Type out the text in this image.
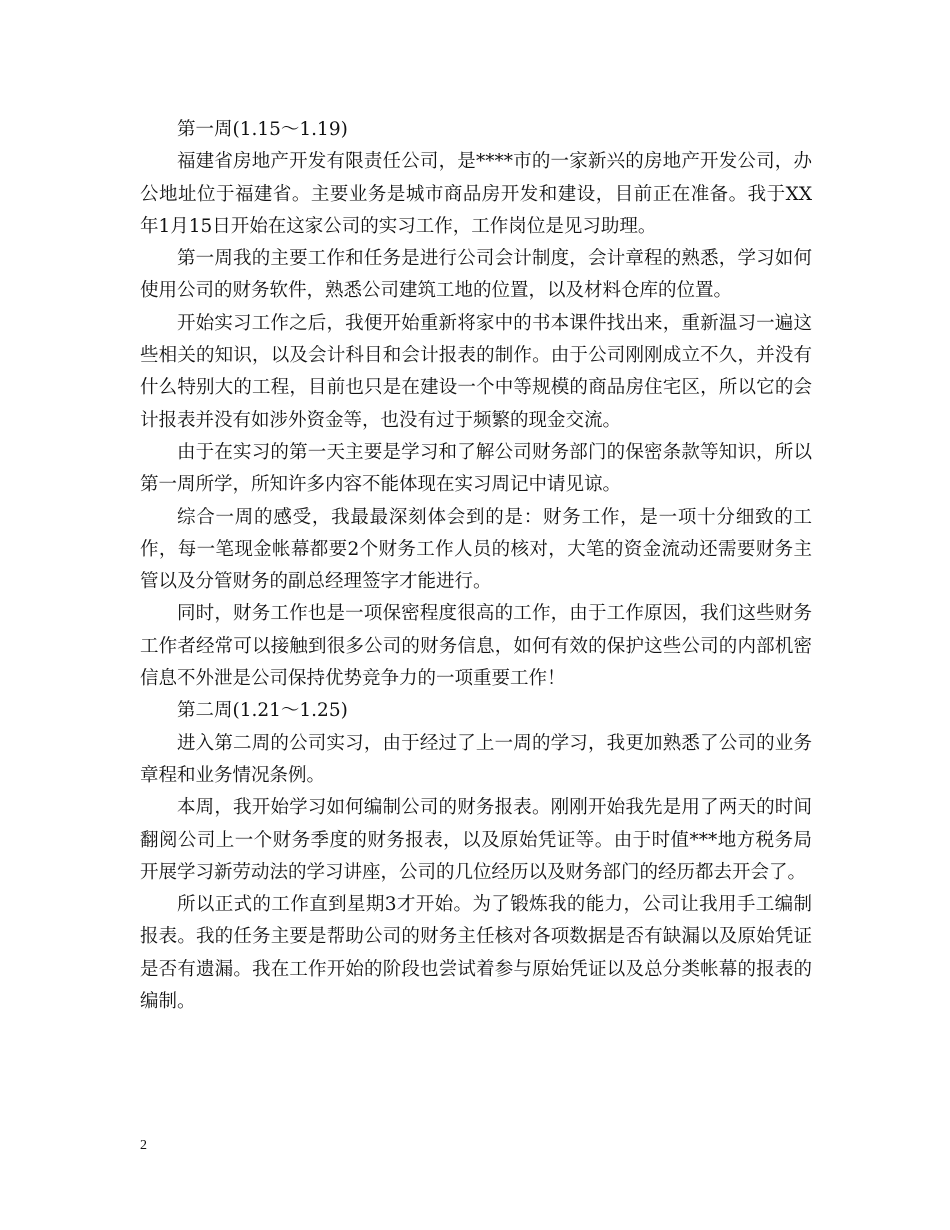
第一周(1.15～1.19)

福建省房地产开发有限责任公司，是****市的一家新兴的房地产开发公司，办公地址位于福建省。主要业务是城市商品房开发和建设，目前正在准备。我于XX年1月15日开始在这家公司的实习工作，工作岗位是见习助理。

第一周我的主要工作和任务是进行公司会计制度，会计章程的熟悉，学习如何使用公司的财务软件，熟悉公司建筑工地的位置，以及材料仓库的位置。

开始实习工作之后，我便开始重新将家中的书本课件找出来，重新温习一遍这些相关的知识，以及会计科目和会计报表的制作。由于公司刚刚成立不久，并没有什么特别大的工程，目前也只是在建设一个中等规模的商品房住宅区，所以它的会计报表并没有如涉外资金等，也没有过于频繁的现金交流。

由于在实习的第一天主要是学习和了解公司财务部门的保密条款等知识，所以第一周所学，所知许多内容不能体现在实习周记中请见谅。

综合一周的感受，我最最深刻体会到的是：财务工作，是一项十分细致的工作，每一笔现金帐幕都要2个财务工作人员的核对，大笔的资金流动还需要财务主管以及分管财务的副总经理签字才能进行。

同时，财务工作也是一项保密程度很高的工作，由于工作原因，我们这些财务工作者经常可以接触到很多公司的财务信息，如何有效的保护这些公司的内部机密信息不外泄是公司保持优势竞争力的一项重要工作！

第二周(1.21～1.25)

进入第二周的公司实习，由于经过了上一周的学习，我更加熟悉了公司的业务章程和业务情况条例。

本周，我开始学习如何编制公司的财务报表。刚刚开始我先是用了两天的时间翻阅公司上一个财务季度的财务报表，以及原始凭证等。由于时值***地方税务局开展学习新劳动法的学习讲座，公司的几位经历以及财务部门的经历都去开会了。

所以正式的工作直到星期3才开始。为了锻炼我的能力，公司让我用手工编制报表。我的任务主要是帮助公司的财务主任核对各项数据是否有缺漏以及原始凭证是否有遗漏。我在工作开始的阶段也尝试着参与原始凭证以及总分类帐幕的报表的编制。

2
